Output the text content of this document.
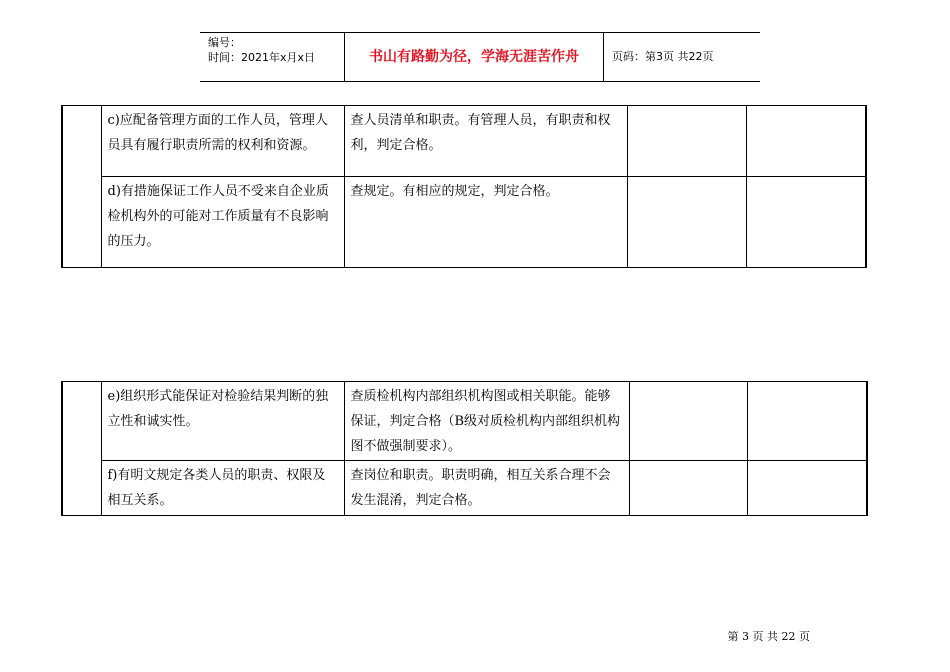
编号：
时间：2021年x月x日	书山有路勤为径，学海无涯苦作舟	页码：第3页 共22页

	c)应配备管理方面的工作人员，管理人员具有履行职责所需的权利和资源。	查人员清单和职责。有管理人员，有职责和权利，判定合格。		

	d)有措施保证工作人员不受来自企业质检机构外的可能对工作质量有不良影响的压力。	查规定。有相应的规定，判定合格。		

	e)组织形式能保证对检验结果判断的独立性和诚实性。	查质检机构内部组织机构图或相关职能。能够保证，判定合格（B级对质检机构内部组织机构图不做强制要求）。		

	f)有明文规定各类人员的职责、权限及相互关系。	查岗位和职责。职责明确，相互关系合理不会发生混淆，判定合格。		

第 3 页 共 22 页
